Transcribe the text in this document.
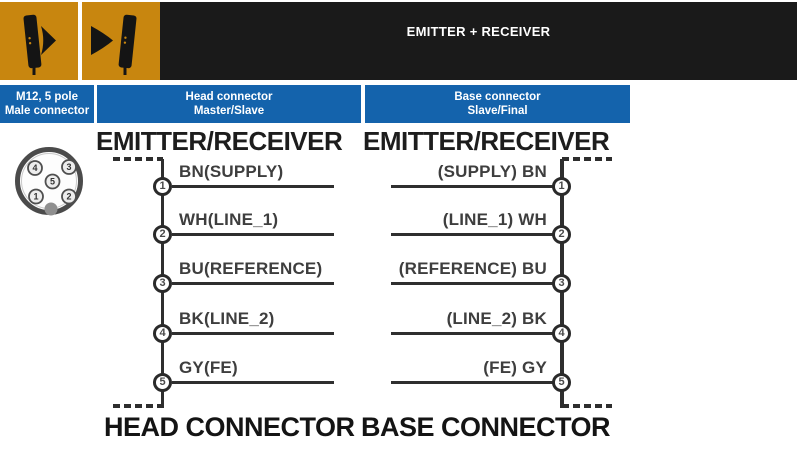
EMITTER + RECEIVER
M12, 5 pole
Male connector
Head connector
Master/Slave
Base connector
Slave/Final
1	2
3
4
5
EMITTER/RECEIVER
HEAD CONNECTOR
BN(SUPPLY)
1
WH(LINE_1)
2
BU(REFERENCE)
3
BK(LINE_2)
4
GY(FE)
5
EMITTER/RECEIVER
BASE CONNECTOR
(SUPPLY) BN
1
(LINE_1) WH
2
(REFERENCE) BU
3
(LINE_2) BK
4
(FE) GY
5
